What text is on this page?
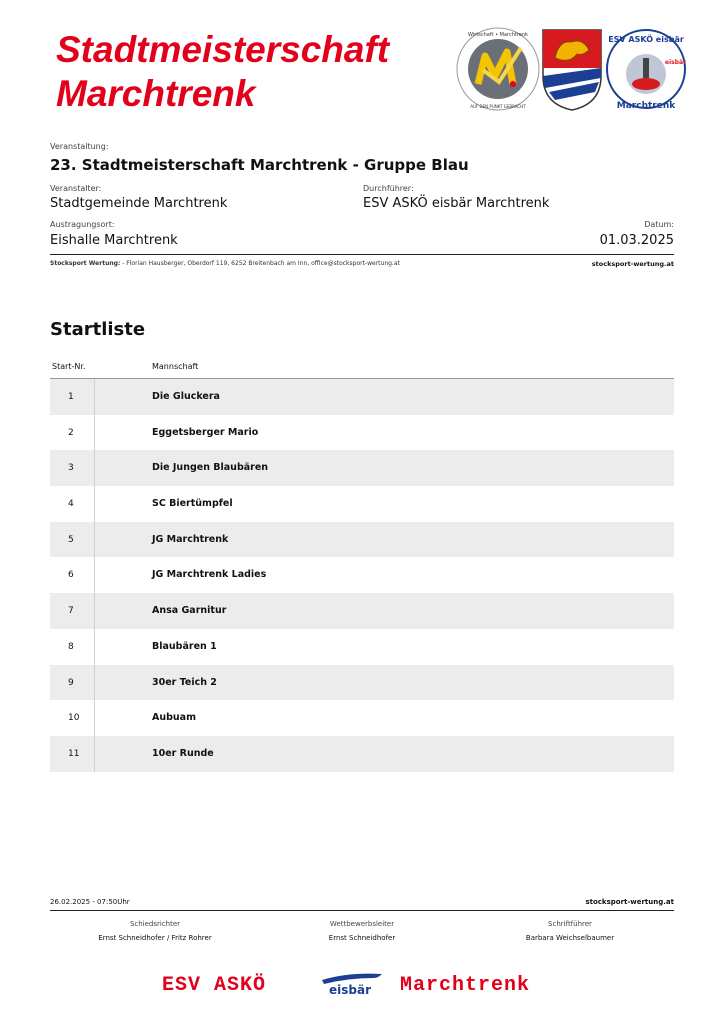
Stadtmeisterschaft
Marchtrenk
Wirtschaft • Marchtrenk
AUF DEN PUNKT GEBRACHT
ESV ASKÖ eisbär
Marchtrenk
eisbär
Veranstaltung:
23. Stadtmeisterschaft Marchtrenk - Gruppe Blau
Veranstalter:
Stadtgemeinde Marchtrenk
Durchführer:
ESV ASKÖ eisbär Marchtrenk
Austragungsort:
Eishalle Marchtrenk
Datum:
01.03.2025
Stocksport Wertung: - Florian Hausberger, Oberdorf 119, 6252 Breitenbach am Inn, office@stocksport-wertung.at	stocksport-wertung.at
Startliste
Start-Nr.	Mannschaft
1	Die Gluckera
2	Eggetsberger Mario
3	Die Jungen Blaubären
4	SC Biertümpfel
5	JG Marchtrenk
6	JG Marchtrenk Ladies
7	Ansa Garnitur
8	Blaubären 1
9	30er Teich 2
10	Aubuam
11	10er Runde
26.02.2025 - 07:50Uhr	stocksport-wertung.at
Schiedsrichter
Ernst Schneidhofer / Fritz Rohrer
Wettbewerbsleiter
Ernst Schneidhofer
Schriftführer
Barbara Weichselbaumer
ESV ASKÖ	eisbär Marchtrenk
